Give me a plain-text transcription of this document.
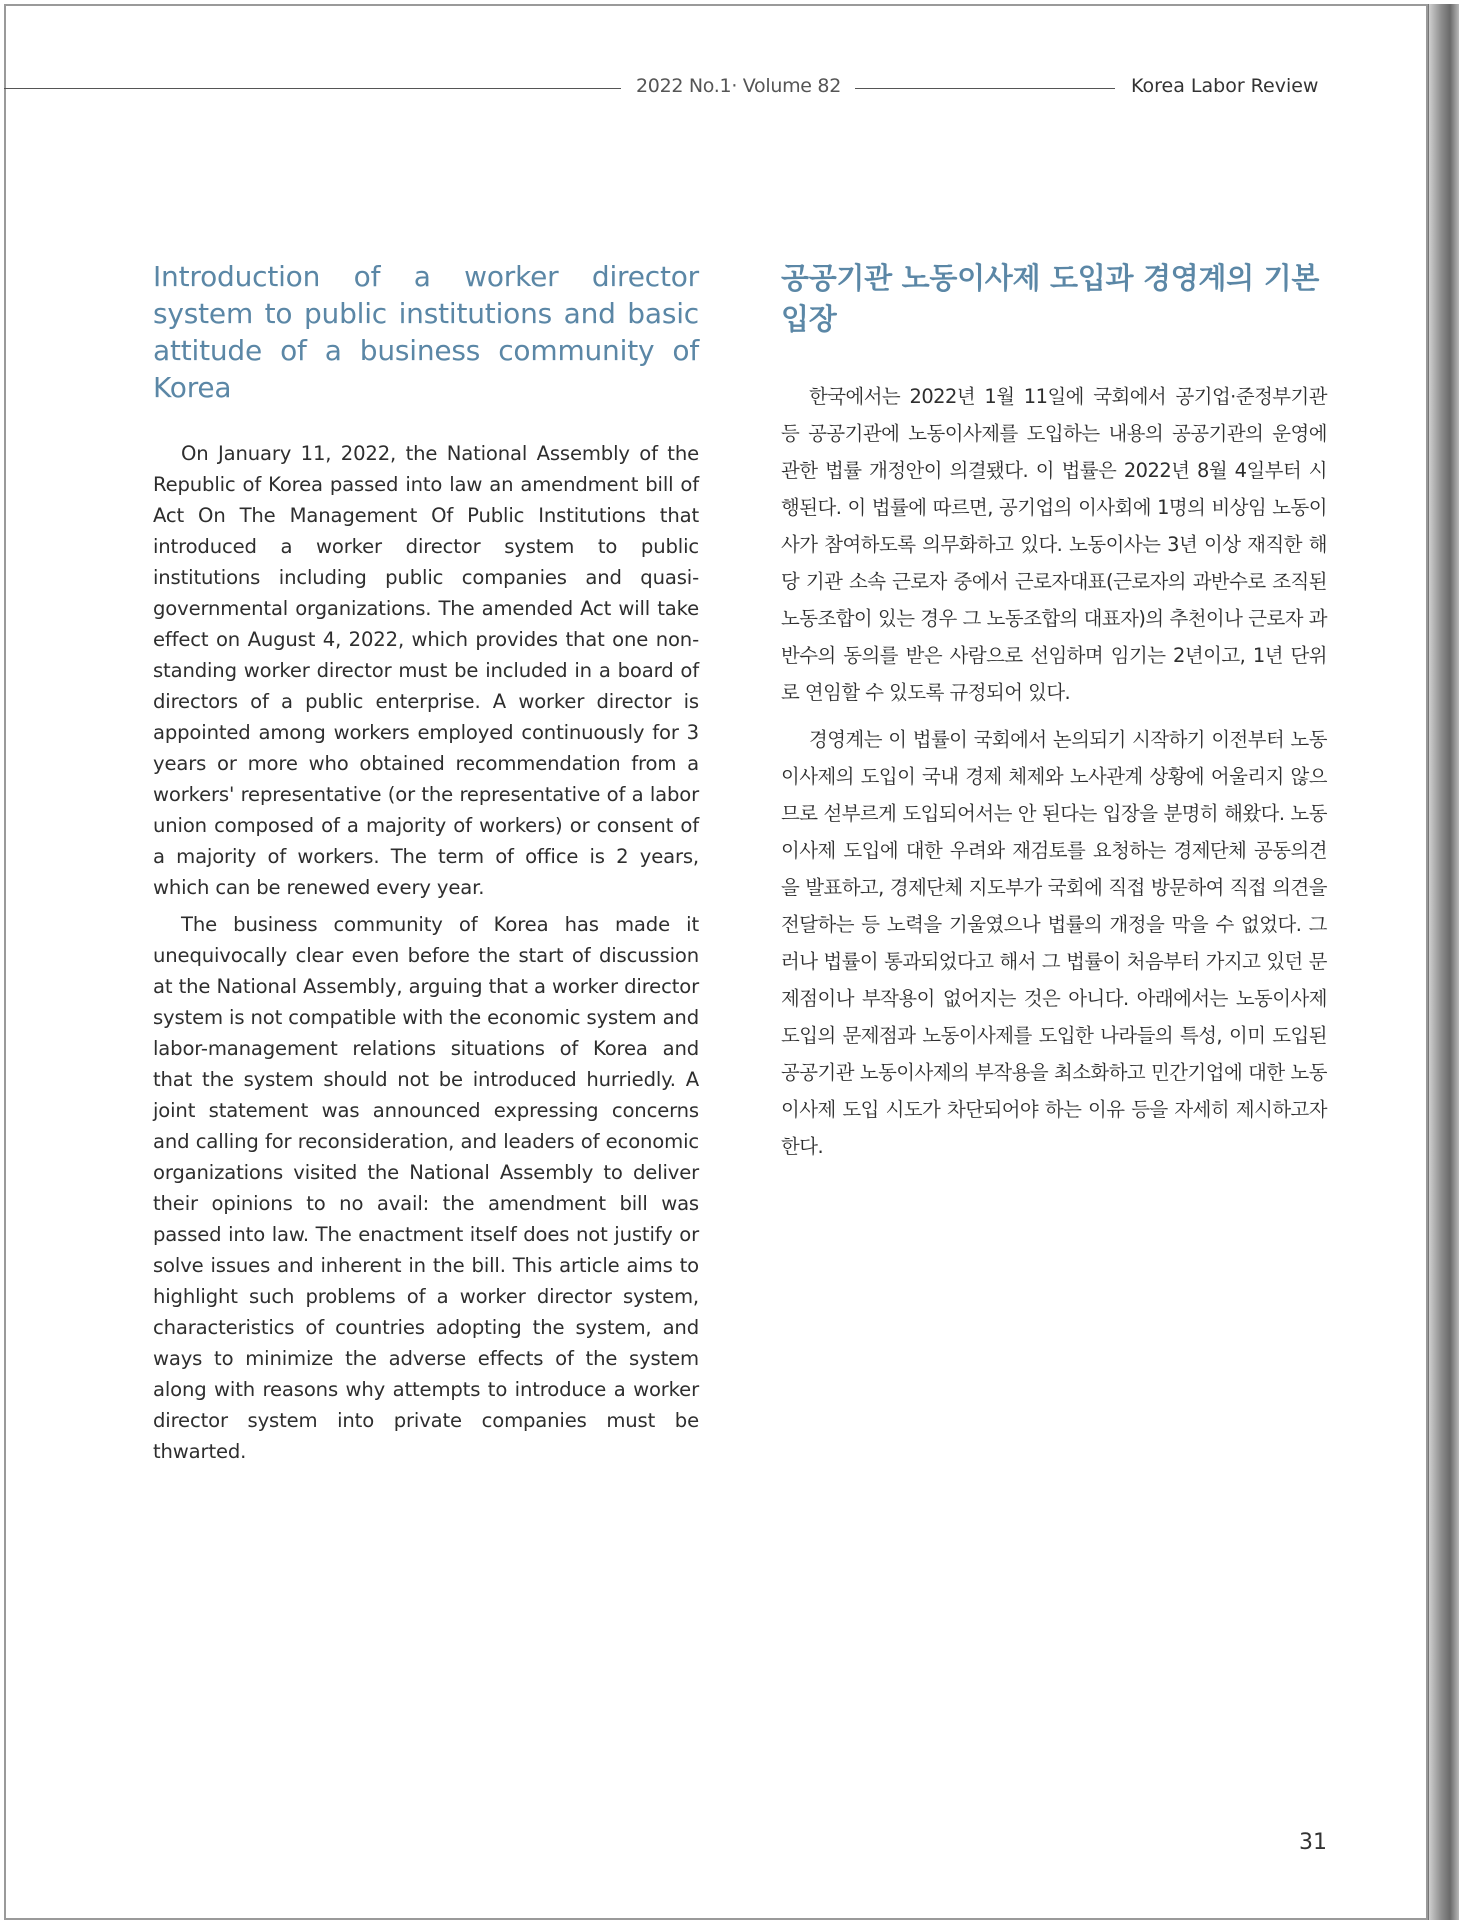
2022 No.1· Volume 82	Korea Labor Review
Introduction of a worker director system to public institutions and basic attitude of a business community of Korea

On January 11, 2022, the National Assembly of the Republic of Korea passed into law an amendment bill of Act On The Management Of Public Institutions that introduced a worker director system to public institutions including public companies and quasi-governmental organizations. The amended Act will take effect on August 4, 2022, which provides that one non-standing worker director must be included in a board of directors of a public enterprise. A worker director is appointed among workers employed continuously for 3 years or more who obtained recommendation from a workers' representative (or the representative of a labor union composed of a majority of workers) or consent of a majority of workers. The term of office is 2 years, which can be renewed every year.

The business community of Korea has made it unequivocally clear even before the start of discussion at the National Assembly, arguing that a worker director system is not compatible with the economic system and labor-management relations situations of Korea and that the system should not be introduced hurriedly. A joint statement was announced expressing concerns and calling for reconsideration, and leaders of economic organizations visited the National Assembly to deliver their opinions to no avail: the amendment bill was passed into law. The enactment itself does not justify or solve issues and inherent in the bill. This article aims to highlight such problems of a worker director system, characteristics of countries adopting the system, and ways to minimize the adverse effects of the system along with reasons why attempts to introduce a worker director system into private companies must be thwarted.

공공기관 노동이사제 도입과 경영계의 기본 입장

한국에서는 2022년 1월 11일에 국회에서 공기업·준정부기관 등 공공기관에 노동이사제를 도입하는 내용의 공공기관의 운영에 관한 법률 개정안이 의결됐다. 이 법률은 2022년 8월 4일부터 시행된다. 이 법률에 따르면, 공기업의 이사회에 1명의 비상임 노동이사가 참여하도록 의무화하고 있다. 노동이사는 3년 이상 재직한 해당 기관 소속 근로자 중에서 근로자대표(근로자의 과반수로 조직된 노동조합이 있는 경우 그 노동조합의 대표자)의 추천이나 근로자 과반수의 동의를 받은 사람으로 선임하며 임기는 2년이고, 1년 단위로 연임할 수 있도록 규정되어 있다.

경영계는 이 법률이 국회에서 논의되기 시작하기 이전부터 노동이사제의 도입이 국내 경제 체제와 노사관계 상황에 어울리지 않으므로 섣부르게 도입되어서는 안 된다는 입장을 분명히 해왔다. 노동이사제 도입에 대한 우려와 재검토를 요청하는 경제단체 공동의견을 발표하고, 경제단체 지도부가 국회에 직접 방문하여 직접 의견을 전달하는 등 노력을 기울였으나 법률의 개정을 막을 수 없었다. 그러나 법률이 통과되었다고 해서 그 법률이 처음부터 가지고 있던 문제점이나 부작용이 없어지는 것은 아니다. 아래에서는 노동이사제 도입의 문제점과 노동이사제를 도입한 나라들의 특성, 이미 도입된 공공기관 노동이사제의 부작용을 최소화하고 민간기업에 대한 노동이사제 도입 시도가 차단되어야 하는 이유 등을 자세히 제시하고자 한다.

31
